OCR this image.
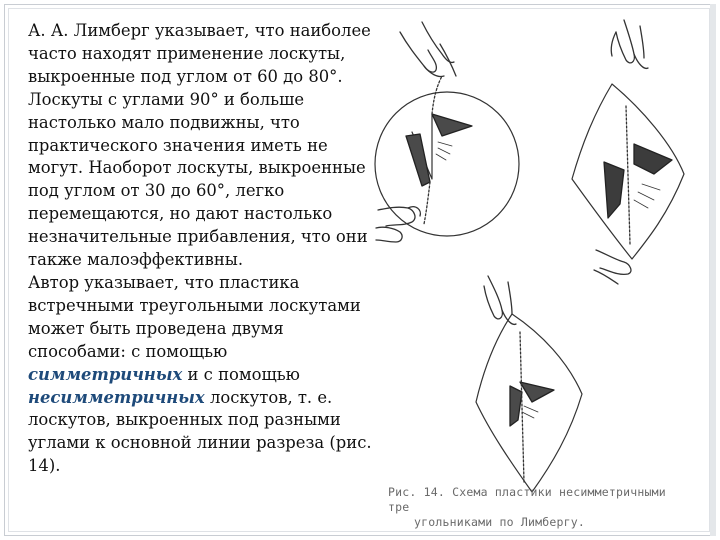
А. А. Лимберг указывает, что наиболее часто находят применение лоскуты, выкроенные под углом от 60 до 80°. Лоскуты с углами 90° и больше настолько мало подвижны, что практического значения иметь не могут. Наоборот лоскуты, выкроенные под углом от 30 до 60°, легко перемещаются, но дают настолько незначительные прибавления, что они также малоэффективны.

Автор указывает, что пластика встречными треугольными лоскутами может быть проведена двумя способами: с помощью симметричных и с помощью несимметричных лоскутов, т. е. лоскутов, выкроенных под разными углами к основной линии разреза (рис. 14).

Рис. 14. Схема пластики несимметричными тре
угольниками по Лимбергу.
